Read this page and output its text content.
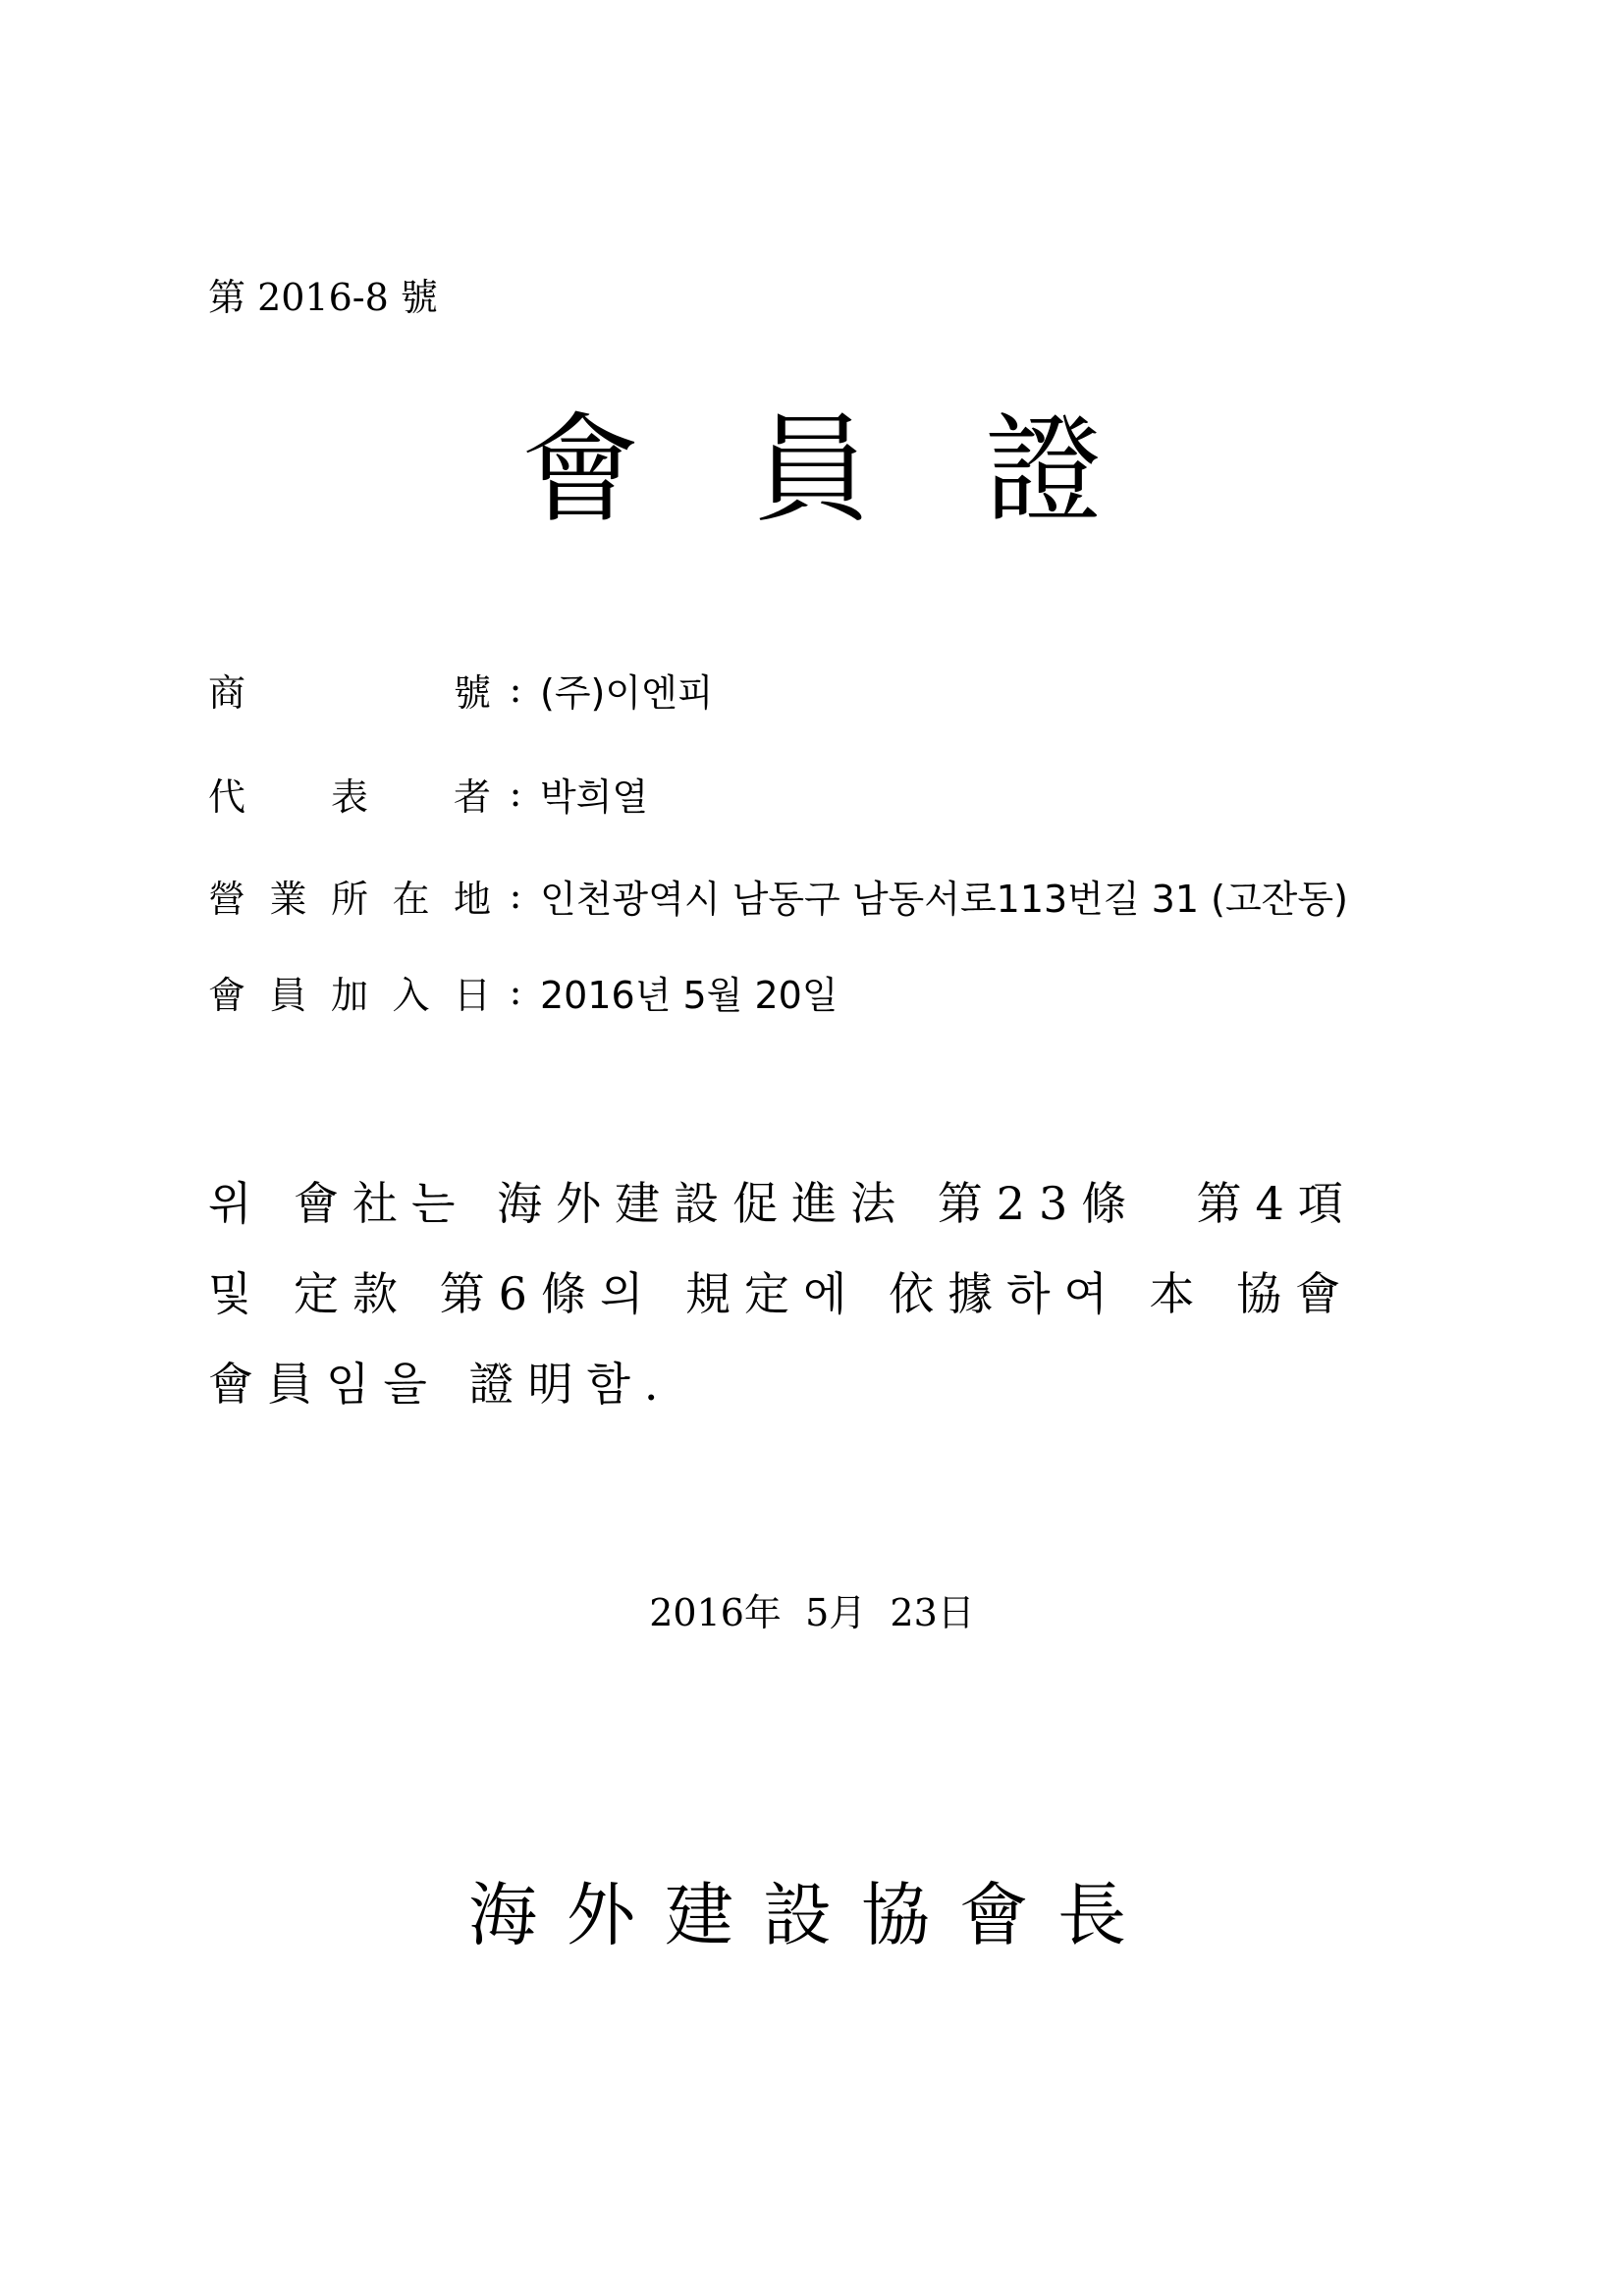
第 2016-8 號
會 員 證
商	號 : (주)이엔피
代 表 者 : 박희열
營 業 所 在 地 : 인천광역시 남동구 남동서로113번길 31 (고잔동)
會 員 加 入 日 : 2016년 5월 20일
위 會社는 海外建設促進法 第23條  第4項
및 定款 第6條의 規定에 依據하여 本 協會
會員임을 證明함.
2016年  5月  23日
海外建設協會長
